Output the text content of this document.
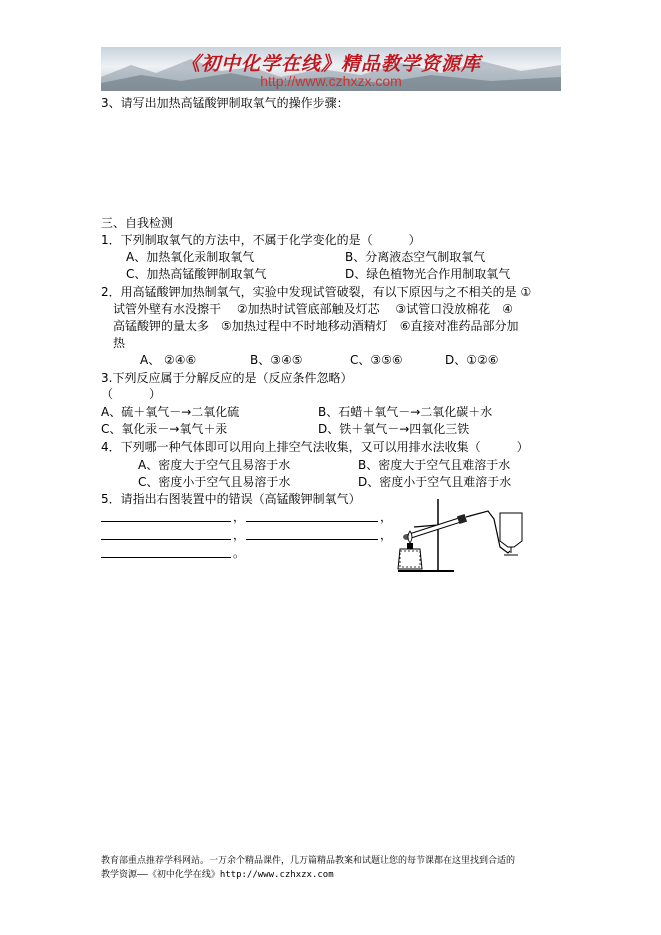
《初中化学在线》精品教学资源库
http://www.czhxzx.com
3、请写出加热高锰酸钾制取氧气的操作步骤：
三、自我检测
1．下列制取氧气的方法中，不属于化学变化的是（　　　）
A、加热氧化汞制取氧气	B、分离液态空气制取氧气
C、加热高锰酸钾制取氧气	D、绿色植物光合作用制取氧气
2．用高锰酸钾加热制氧气，实验中发现试管破裂，有以下原因与之不相关的是 ①
试管外壁有水没擦干　 ②加热时试管底部触及灯芯　 ③试管口没放棉花　④
高锰酸钾的量太多　⑤加热过程中不时地移动酒精灯　⑥直接对准药品部分加
热
A、 ②④⑥	B、③④⑤	C、③⑤⑥	D、①②⑥
3.下列反应属于分解反应的是（反应条件忽略）
（　　　）
A、硫＋氧气－→二氧化硫	B、石蜡＋氧气－→二氧化碳＋水
C、氧化汞－→氧气＋汞	D、铁＋氧气－→四氧化三铁
4．下列哪一种气体即可以用向上排空气法收集，又可以用排水法收集（　　　）
A、密度大于空气且易溶于水	B、密度大于空气且难溶于水
C、密度小于空气且易溶于水	D、密度小于空气且难溶于水
5．请指出右图装置中的错误（高锰酸钾制氧气）
，	，
，	，
。
教育部重点推荐学科网站。一万余个精品课件，几万篇精品教案和试题让您的每节课都在这里找到合适的
教学资源——《初中化学在线》http://www.czhxzx.com
